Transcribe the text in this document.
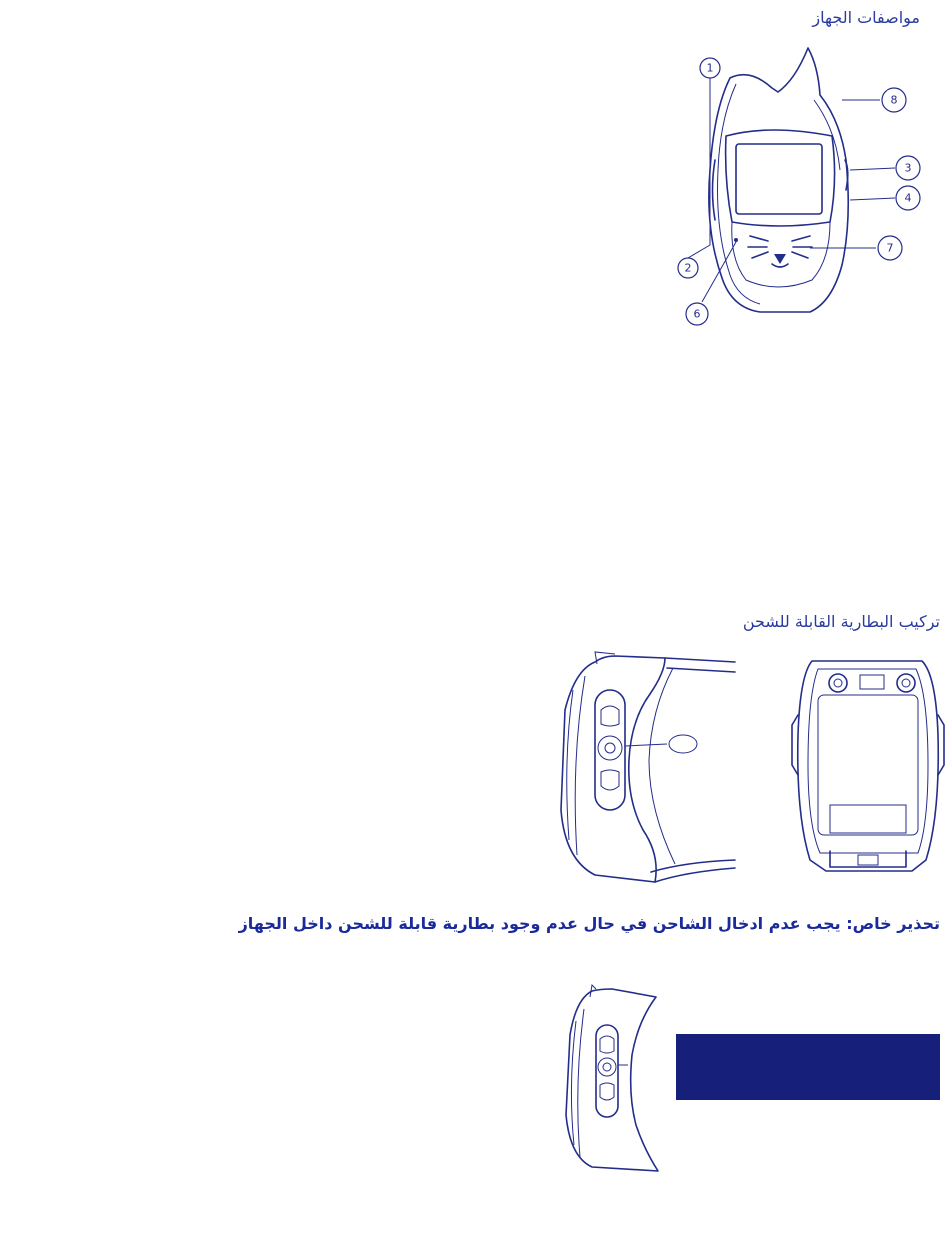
مواصفات الجهاز
1
2
3
4
6
7
8
تركيب البطارية القابلة للشحن
تحذير خاص: يجب عدم ادخال الشاحن في حال عدم وجود بطارية قابلة للشحن داخل الجهاز
